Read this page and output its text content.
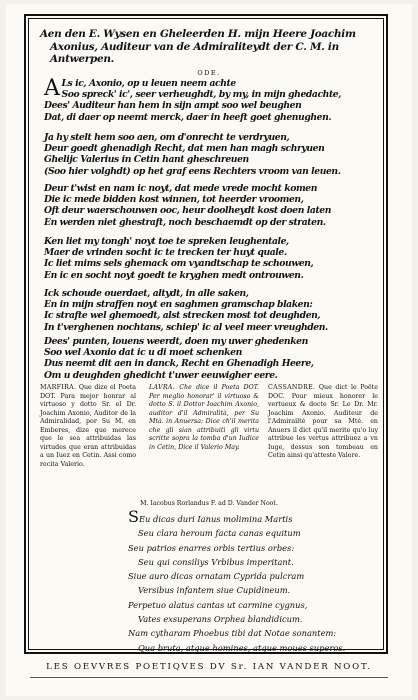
Aen den E. Wysen en Gheleerden H. mijn Heere Joachim
Axonius, Auditeur van de Admiraliteydt der C. M. in Antwerpen.
ODE.
A Ls ic, Axonio, op u leuen neem achte
Soo spreck' ic', seer verheughdt, by my, in mijn ghedachte,
Dees' Auditeur han hem in sijn ampt soo wel beughen
Dat, di daer op neemt merck, daer in heeft goet ghenughen.
Ja hy stelt hem soo aen, om d'onrecht te verdryuen,
Deur goedt ghenadigh Recht, dat men han magh schryuen
Ghelijc Valerius in Cetin hant gheschreuen
(Soo hier volghdt) op het graf eens Rechters vroom van leuen.
Deur t'wist en nam ic noyt, dat mede vrede mocht komen
Die ic mede bidden kost winnen, tot heerder vroomen,
Oft deur waerschouwen ooc, heur doolheydt kost doen laten
En werden niet ghestraft, noch beschaemdt op der straten.
Ken liet my tongh' noyt toe te spreken leughentale,
Maer de vrinden socht ic te trecken ter huyt quale.
Ic liet mims sels ghemack om vyandtschap te schouwen,
En ic en socht noyt goedt te kryghen medt ontrouwen.
Ick schoude ouerdaet, altydt, in alle saken,
En in mijn straffen noyt en saghmen gramschap blaken:
Ic strafte wel ghemoedt, alst strecken most tot deughden,
In t'verghenen nochtans, schiep' ic al veel meer vreughden.
Dees' punten, louens weerdt, doen my uwer ghedenken
Soo wel Axonio dat ic u di moet schenken
Dus neemt dit aen in danck, Recht en Ghenadigh Heere,
Om u deughden ghedicht t'uwer eeuwigher eere.

MARFIRA. Que dize el Poeta DOT. Para mejor honrar al virtuoso y dotto Sr. el Dr. Joachim Axonio, Auditor de la Admiralidad, por Su M. en Emberes, dize que merece que le sea attribuidas las virtudes que eran attribuidas a un Iuez en Cetin. Assi como recita Valerio.

LAVRA. Che dice il Poeta DOT. Per meglio honorar' il virtuoso & dotto S. il Dottor Ioachim Axonio, auditor d'il Admiralità, per Su Mtà. in Anuersa: Dice ch'il merita che gli sian attribuiti gli virtu scritte sopra la tomba d'un Iudice in Cetin, Dice il Valerio May.

CASSANDRE. Que dict le Poëte DOC. Pour mieux honorer le vertueux & docte Sr. Le Dr. Mr. Joachim Axonio. Auditeur de l'Admirailté pour sa Mté. en Anuers il dict qu'il merite qu'o luy attribue les vertus attribuez a vn Iuge, dessus son tombeau en Cetin ainsi qu'atteste Valere.

M. Iacobus Rorlandus F. ad D. Vander Noot.
SEu dicas duri Ianus molimina Martis
Seu clara heroum facta canas equitum
Seu patrios enarres orbis tertius orbes:
Seu qui consiliys Vrbibus imperitant.
Siue auro dicas ornatam Cyprida pulcram
Versibus infantem siue Cupidineum.
Perpetuo alatus cantas ut carmine cygnus,
Vates exsuperans Orphea blandidicum.
Nam cytharam Phoebus tibi dat Notae sonantem:
Qua bruta, atque homines, atque moues superos.
LES OEVVRES POETIQVES DV Sr. IAN VANDER NOOT.
